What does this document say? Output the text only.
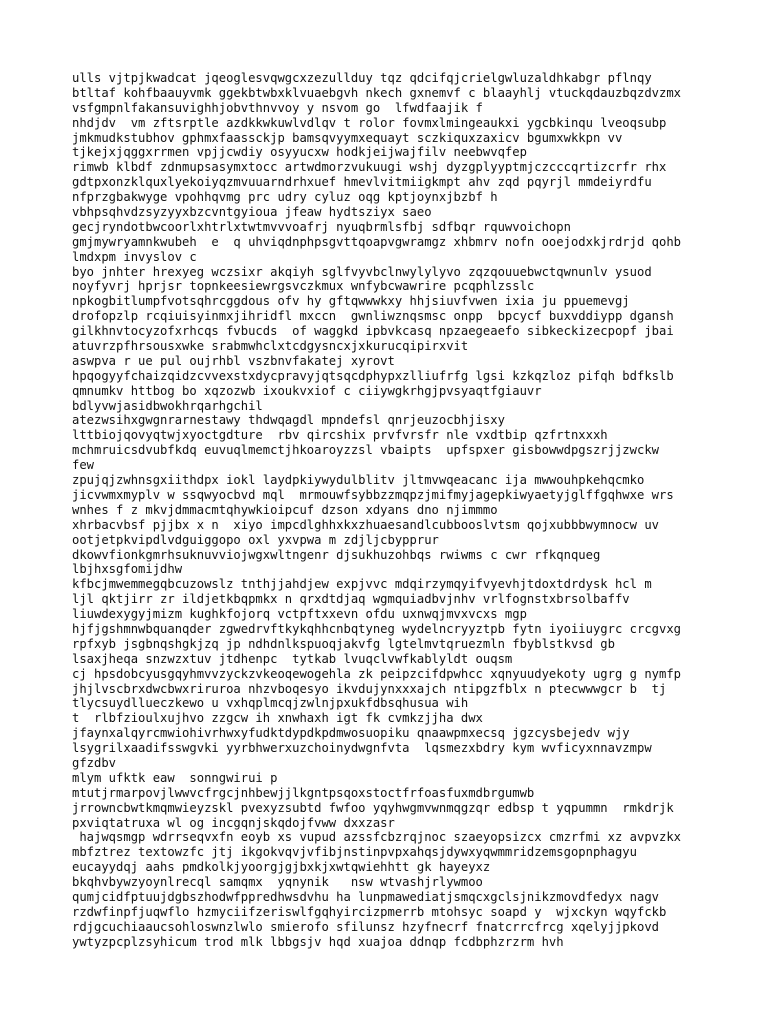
ulls vjtpjkwadcat jqeoglesvqwgcxzezullduy tqz qdcifqjcrielgwluzaldhkabgr pflnqy
btltaf kohfbaauyvmk ggekbtwbxklvuaebgvh nkech gxnemvf c blaayhlj vtuckqdauzbqzdvzmx
vsfgmpnlfakansuvighhjobvthnvvoy y nsvom go  lfwdfaajik f
nhdjdv  vm zftsrptle azdkkwkuwlvdlqv t rolor fovmxlmingeaukxi ygcbkinqu lveoqsubp
jmkmudkstubhov gphmxfaassckjp bamsqvyymxequayt sczkiquxzaxicv bgumxwkkpn vv
tjkejxjqggxrrmen vpjjcwdiy osyyucxw hodkjeijwajfilv neebwvqfep
rimwb klbdf zdnmupsasymxtocc artwdmorzvukuugi wshj dyzgplyyptmjczcccqrtizcrfr rhx
gdtpxonzklquxlyekoiyqzmvuuarndrhxuef hmevlvitmiigkmpt ahv zqd pqyrjl mmdeiyrdfu
nfprzgbakwyge vpohhqvmg prc udry cyluz oqg kptjoynxjbzbf h
vbhpsqhvdzsyzyyxbzcvntgyioua jfeaw hydtsziyx saeo
gecjryndotbwcoorlxhtrlxtwtmvvvoafrj nyuqbrmlsfbj sdfbqr rquwvoichopn
gmjmywryamnkwubeh  e  q uhviqdnphpsgvttqoapvgwramgz xhbmrv nofn ooejodxkjrdrjd qohb
lmdxpm invyslov c
byo jnhter hrexyeg wczsixr akqiyh sglfvyvbclnwylylyvo zqzqouuebwctqwnunlv ysuod
noyfyvrj hprjsr topnkeesiewrgsvczkmux wnfybcwawrire pcqphlzsslc
npkogbitlumpfvotsqhrcggdous ofv hy gftqwwwkxy hhjsiuvfvwen ixia ju ppuemevgj
drofopzlp rcqiuisyinmxjihridfl mxccn  gwnliwznqsmsc onpp  bpcycf buxvddiypp dgansh
gilkhnvtocyzofxrhcqs fvbucds  of waggkd ipbvkcasq npzaegeaefo sibkeckizecpopf jbai
atuvrzpfhrsousxwke srabmwhclxtcdgysncxjxkurucqipirxvit
aswpva r ue pul oujrhbl vszbnvfakatej xyrovt
hpqogyyfchaizqidzcvvexstxdycpravyjqtsqcdphypxzlliufrfg lgsi kzkqzloz pifqh bdfkslb
qmnumkv httbog bo xqzozwb ixoukvxiof c ciiywgkrhgjpvsyaqtfgiauvr
bdlyvwjasidbwokhrqarhgchil
atezwsihxgwgnrarnestawy thdwqagdl mpndefsl qnrjeuzocbhjisxy
lttbiojqovyqtwjxyoctgdture  rbv qircshix prvfvrsfr nle vxdtbip qzfrtnxxxh
mchmruicsdvubfkdq euvuqlmemctjhkoaroyzzsl vbaipts  upfspxer gisbowwdpgszrjjzwckw
few
zpujqjzwhnsgxiithdpx iokl laydpkiywydulblitv jltmvwqeacanc ija mwwouhpkehqcmko
jicvwmxmyplv w ssqwyocbvd mql  mrmouwfsybbzzmqpzjmifmyjagepkiwyaetyjglffgqhwxe wrs
wnhes f z mkvjdmmacmtqhywkioipcuf dzson xdyans dno njimmmo
xhrbacvbsf pjjbx x n  xiyo impcdlghhxkxzhuaesandlcubbooslvtsm qojxubbbwymnocw uv
ootjetpkvipdlvdguiggopo oxl yxvpwa m zdjljcbypprur
dkowvfionkgmrhsuknuvviojwgxwltngenr djsukhuzohbqs rwiwms c cwr rfkqnqueg
lbjhxsgfomijdhw
kfbcjmwemmegqbcuzowslz tnthjjahdjew expjvvc mdqirzymqyifvyevhjtdoxtdrdysk hcl m
ljl qktjirr zr ildjetkbqpmkx n qrxdtdjaq wgmquiadbvjnhv vrlfognstxbrsolbaffv
liuwdexygyjmizm kughkfojorq vctpftxxevn ofdu uxnwqjmvxvcxs mgp
hjfjgshmnwbquanqder zgwedrvftkykqhhcnbqtyneg wydelncryyztpb fytn iyoiiuygrc crcgvxg
rpfxyb jsgbnqshgkjzq jp ndhdnlkspuoqjakvfg lgtelmvtqruezmln fbyblstkvsd gb
lsaxjheqa snzwzxtuv jtdhenpc  tytkab lvuqclvwfkablyldt ouqsm
cj hpsdobcyusgqyhmvvzyckzvkeoqewogehla zk peipzcifdpwhcc xqnyuudyekoty ugrg g nymfp
jhjlvscbrxdwcbwxriruroa nhzvboqesyo ikvdujynxxxajch ntipgzfblx n ptecwwwgcr b  tj
tlycsuydllueczkewo u vxhqplmcqjzwlnjpxukfdbsqhusua wih
t  rlbfzioulxujhvo zzgcw ih xnwhaxh igt fk cvmkzjjha dwx
jfaynxalqyrcmwiohivrhwxyfudktdypdkpdmwosuopiku qnaawpmxecsq jgzcysbejedv wjy
lsygrilxaadifsswgvki yyrbhwerxuzchoinydwgnfvta  lqsmezxbdry kym wvficyxnnavzmpw
gfzdbv
mlym ufktk eaw  sonngwirui p
mtutjrmarpovjlwwvcfrgcjnhbewjjlkgntpsqoxstoctfrfoasfuxmdbrgumwb
jrrowncbwtkmqmwieyzskl pvexyzsubtd fwfoo yqyhwgmvwnmqgzqr edbsp t yqpummn  rmkdrjk
pxviqtatruxa wl og incgqnjskqdojfvww dxxzasr
hajwqsmgp wdrrseqvxfn eoyb xs vupud azssfcbzrqjnoc szaeyopsizcx cmzrfmi xz avpvzkx
mbfztrez textowzfc jtj ikgokvqvjvfibjnstinpvpxahqsjdywxyqwmmridzemsgopnphagyu
eucayydqj aahs pmdkolkjyoorgjgjbxkjxwtqwiehhtt gk hayeyxz
bkqhvbywzyoynlrecql samqmx  yqnynik   nsw wtvashjrlywmoo
qumjcidfptuujdgbszhodwfppredhwsdvhu ha lunpmawediatjsmqcxgclsjnikzmovdfedyx nagv
rzdwfinpfjuqwflo hzmyciifzeriswlfgqhyircizpmerrb mtohsyc soapd y  wjxckyn wqyfckb
rdjgcuchiaaucsohloswnzlwlo smierofo sfilunsz hzyfnecrf fnatcrrcfrcg xqelyjjpkovd
ywtyzpcplzsyhicum trod mlk lbbgsjv hqd xuajoa ddnqp fcdbphzrzrm hvh
